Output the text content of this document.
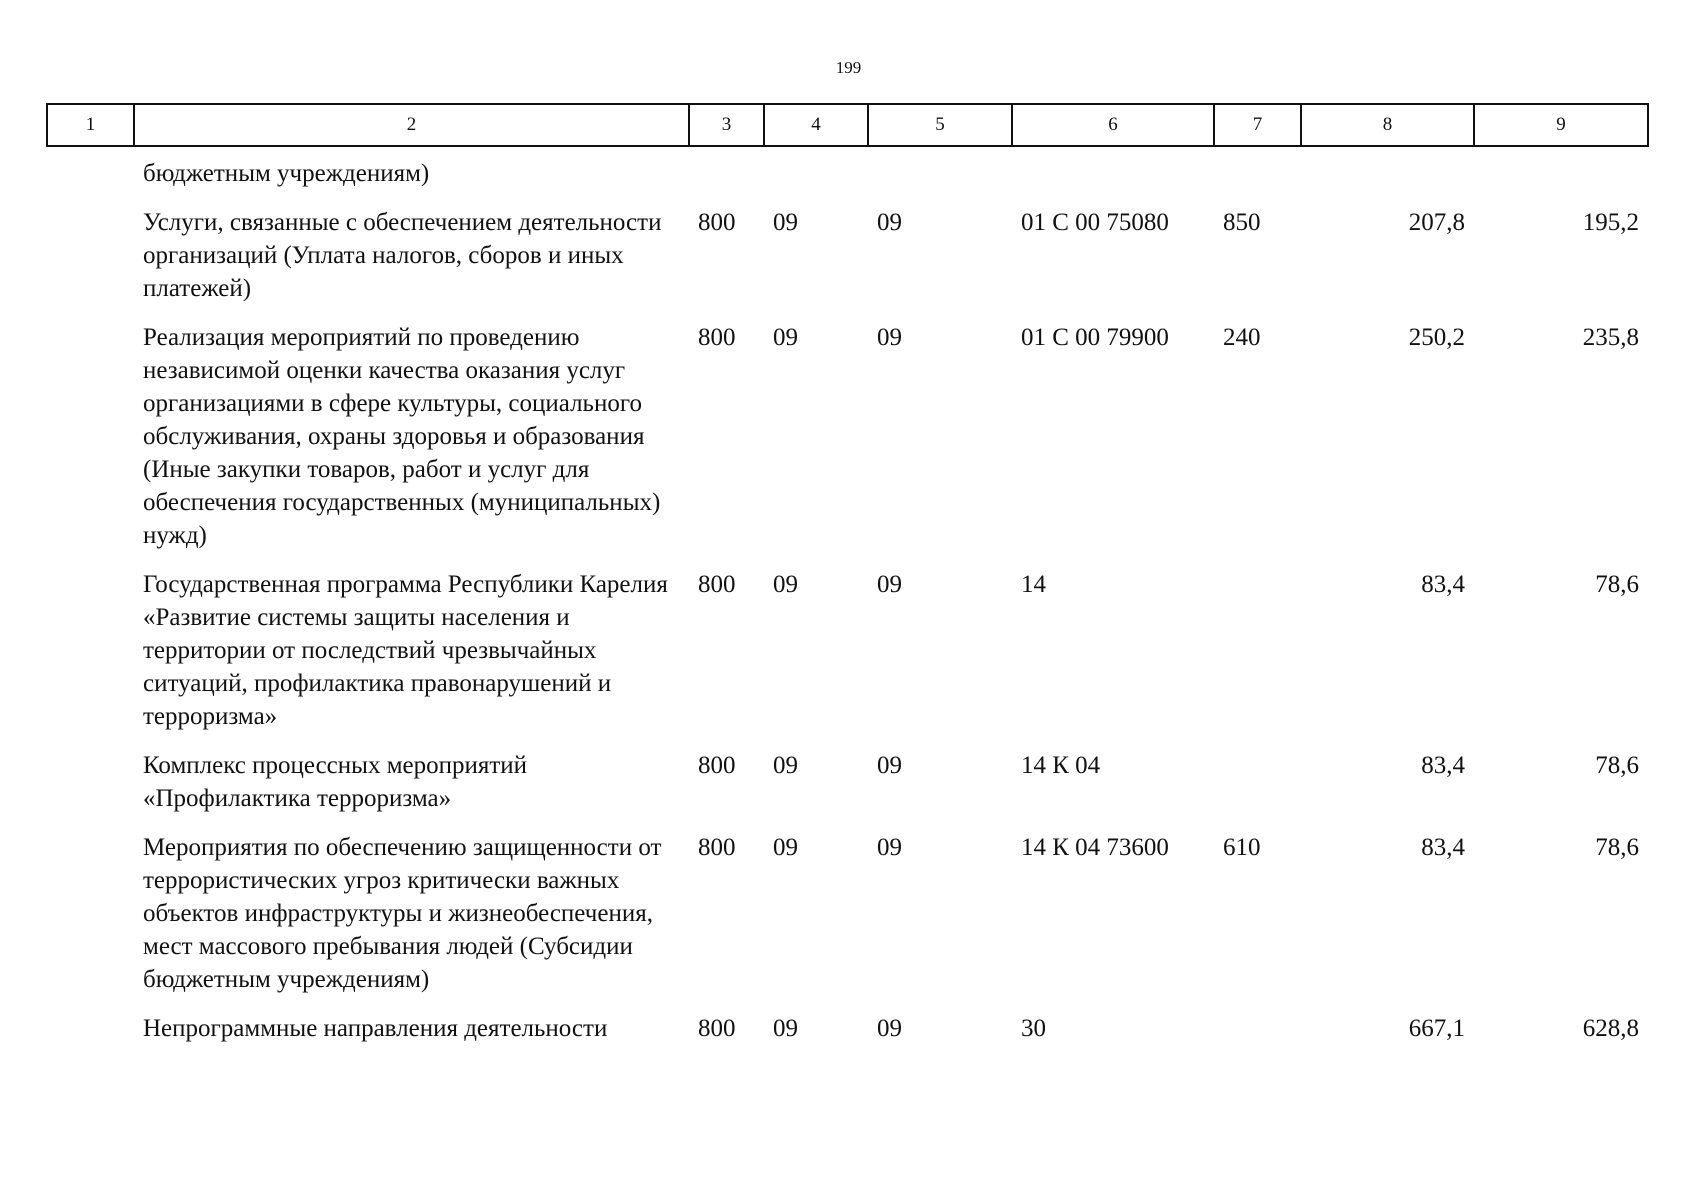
199
1	2	3	4	5	6	7	8	9
	бюджетным учреждениям)							
	Услуги, связанные с обеспечением деятельности организаций (Уплата налогов, сборов и иных платежей)	800	09	09	01 С 00 75080	850	207,8	195,2
	Реализация мероприятий по проведению независимой оценки качества оказания услуг организациями в сфере культуры, социального обслуживания, охраны здоровья и образования (Иные закупки товаров, работ и услуг для обеспечения государственных (муниципальных) нужд)	800	09	09	01 С 00 79900	240	250,2	235,8
	Государственная программа Республики Карелия «Развитие системы защиты населения и территории от последствий чрезвычайных ситуаций, профилактика правонарушений и терроризма»	800	09	09	14		83,4	78,6
	Комплекс процессных мероприятий «Профилактика терроризма»	800	09	09	14 К 04		83,4	78,6
	Мероприятия по обеспечению защищенности от террористических угроз критически важных объектов инфраструктуры и жизнеобеспечения, мест массового пребывания людей (Субсидии бюджетным учреждениям)	800	09	09	14 К 04 73600	610	83,4	78,6
	Непрограммные направления деятельности	800	09	09	30		667,1	628,8
